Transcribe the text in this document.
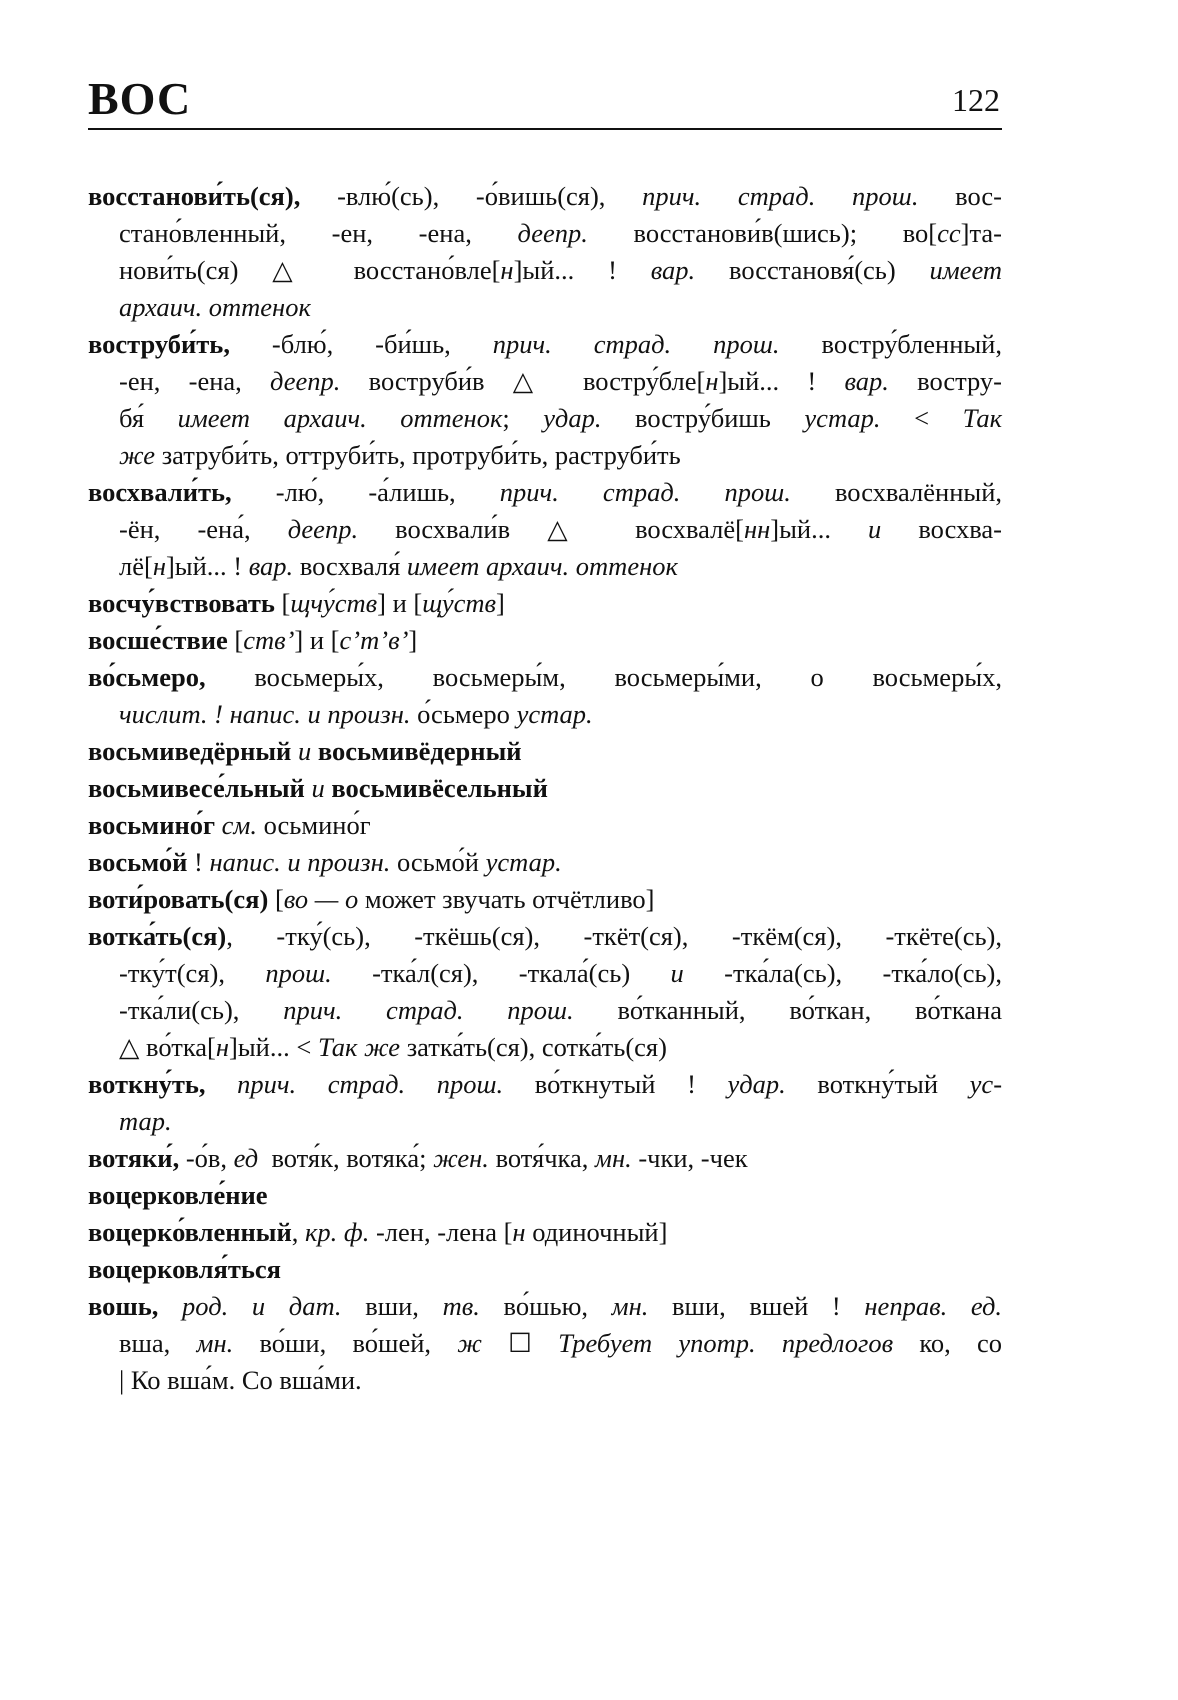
ВОС	122
восстанови́ть(ся), -влю́(сь), -о́вишь(ся), прич. страд. прош. вос-
стано́вленный, -ен, -ена, деепр. восстанови́в(шись); во[сс]та-
нови́ть(ся) △ восстано́вле[н]ый... ! вар. восстановя́(сь) имеет
архаич. оттенок
воструби́ть, -блю́, -би́шь, прич. страд. прош. востру́бленный,
-ен, -ена, деепр. воструби́в △ востру́бле[н]ый... ! вар. востру-
бя́ имеет архаич. оттенок; удар. востру́бишь устар. < Так
же затруби́ть, оттруби́ть, протруби́ть, раструби́ть
восхвали́ть, -лю́, -а́лишь, прич. страд. прош. восхвалённый,
-ён, -ена́, деепр. восхвали́в △ восхвалё[нн]ый... и восхва-
лё[н]ый... ! вар. восхваля́ имеет архаич. оттенок
восчу́вствовать [щчу́ств] и [щу́ств]
восше́ствие [ств’] и [с’т’в’]
во́сьмеро, восьмеры́х, восьмеры́м, восьмеры́ми, о восьмеры́х,
числит. ! напис. и произн. о́сьмеро устар.
восьмиведёрный и восьмивёдерный
восьмивесе́льный и восьмивёсельный
восьмино́г см. осьмино́г
восьмо́й ! напис. и произн. осьмо́й устар.
воти́ровать(ся) [во — о может звучать отчётливо]
вотка́ть(ся), -тку́(сь), -ткёшь(ся), -ткёт(ся), -ткём(ся), -ткёте(сь),
-тку́т(ся), прош. -тка́л(ся), -ткала́(сь) и -тка́ла(сь), -тка́ло(сь),
-тка́ли(сь), прич. страд. прош. во́тканный, во́ткан, во́ткана
△ во́тка[н]ый... < Так же затка́ть(ся), сотка́ть(ся)
воткну́ть, прич. страд. прош. во́ткнутый ! удар. воткну́тый ус-
тар.
вотяки́, -о́в, ед  вотя́к, вотяка́; жен. вотя́чка, мн. -чки, -чек
воцерковле́ние
воцерко́вленный, кр. ф. -лен, -лена [н одиночный]
воцерковля́ться
вошь, род. и дат. вши, тв. во́шью, мн. вши, вшей ! неправ. ед.
вша, мн. во́ши, во́шей, ж ☐ Требует употр. предлогов ко, со
| Ко вша́м. Со вша́ми.
